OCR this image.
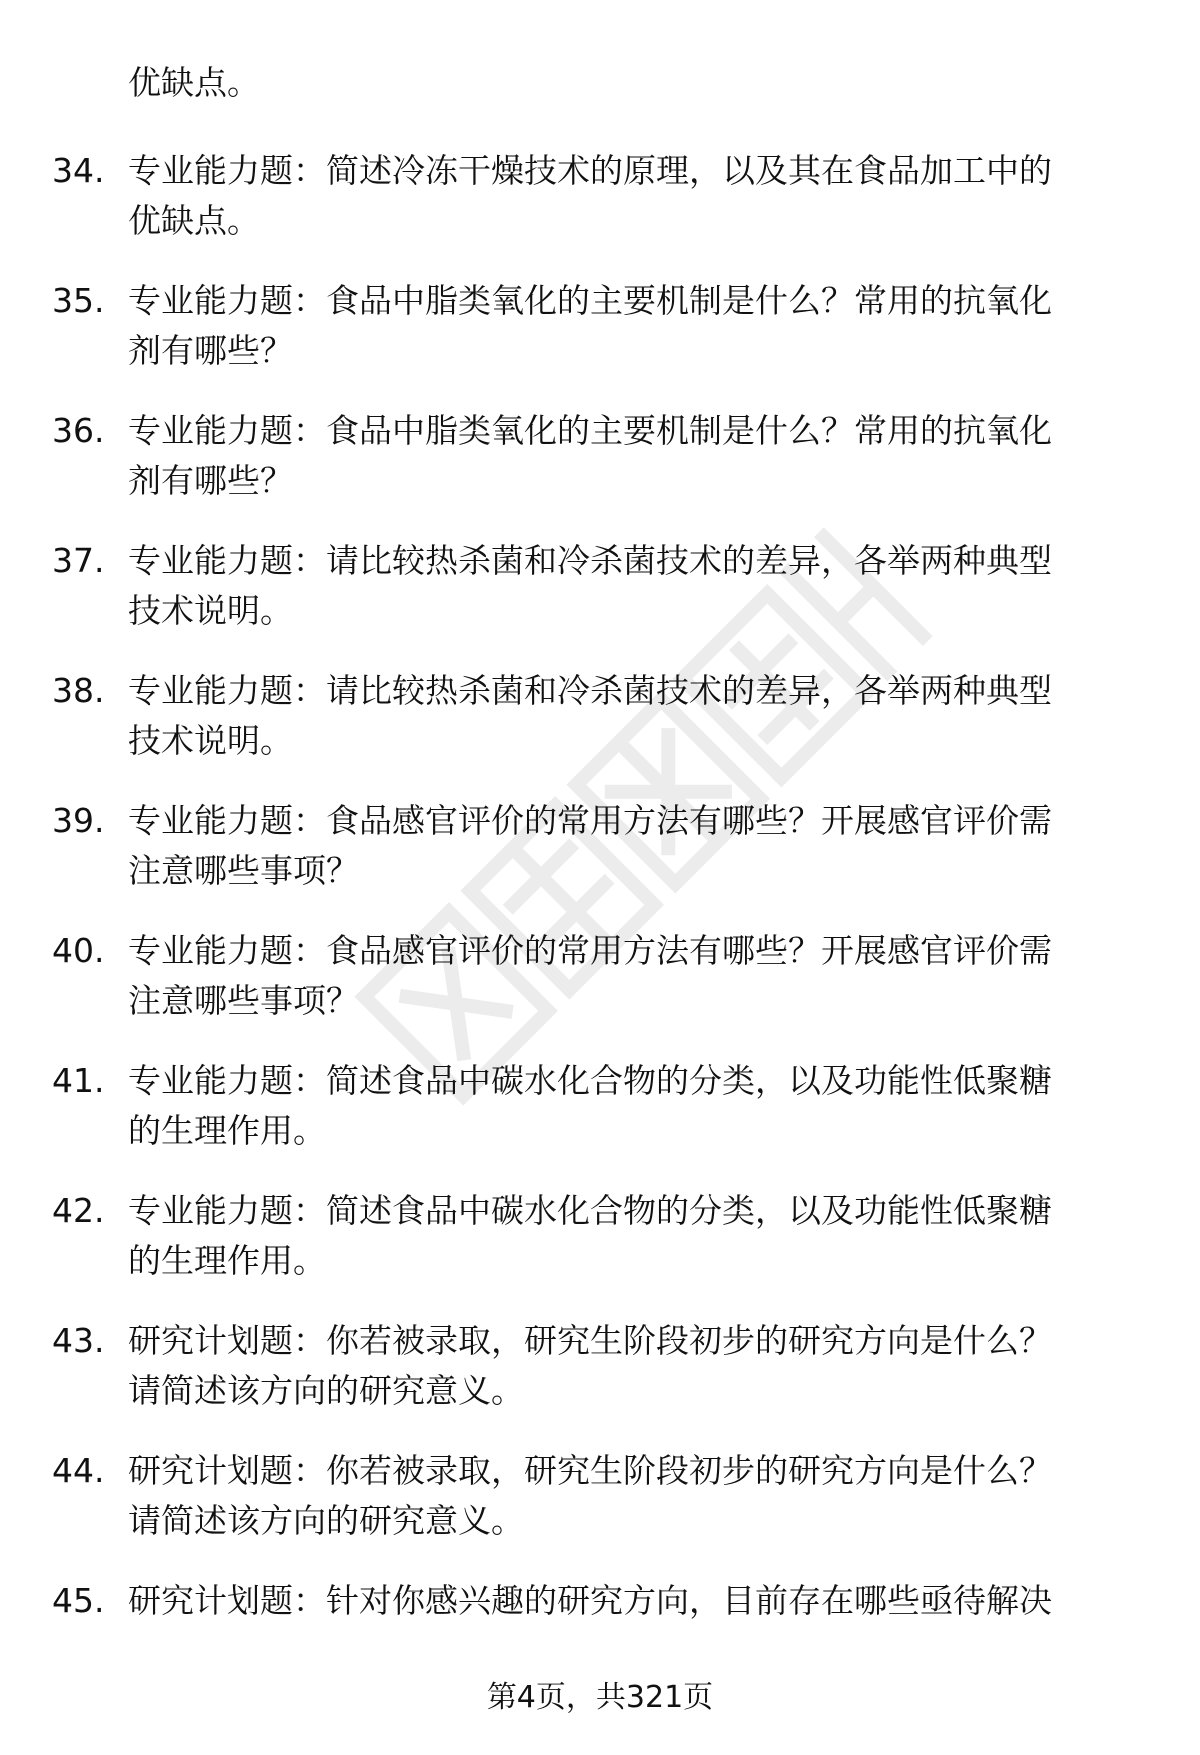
优缺点。
34. 专业能力题：简述冷冻干燥技术的原理，以及其在食品加工中的
优缺点。
35. 专业能力题：食品中脂类氧化的主要机制是什么？常用的抗氧化
剂有哪些？
36. 专业能力题：食品中脂类氧化的主要机制是什么？常用的抗氧化
剂有哪些？
37. 专业能力题：请比较热杀菌和冷杀菌技术的差异，各举两种典型
技术说明。
38. 专业能力题：请比较热杀菌和冷杀菌技术的差异，各举两种典型
技术说明。
39. 专业能力题：食品感官评价的常用方法有哪些？开展感官评价需
注意哪些事项？
40. 专业能力题：食品感官评价的常用方法有哪些？开展感官评价需
注意哪些事项？
41. 专业能力题：简述食品中碳水化合物的分类，以及功能性低聚糖
的生理作用。
42. 专业能力题：简述食品中碳水化合物的分类，以及功能性低聚糖
的生理作用。
43. 研究计划题：你若被录取，研究生阶段初步的研究方向是什么？
请简述该方向的研究意义。
44. 研究计划题：你若被录取，研究生阶段初步的研究方向是什么？
请简述该方向的研究意义。
45. 研究计划题：针对你感兴趣的研究方向，目前存在哪些亟待解决
第4页，共321页
